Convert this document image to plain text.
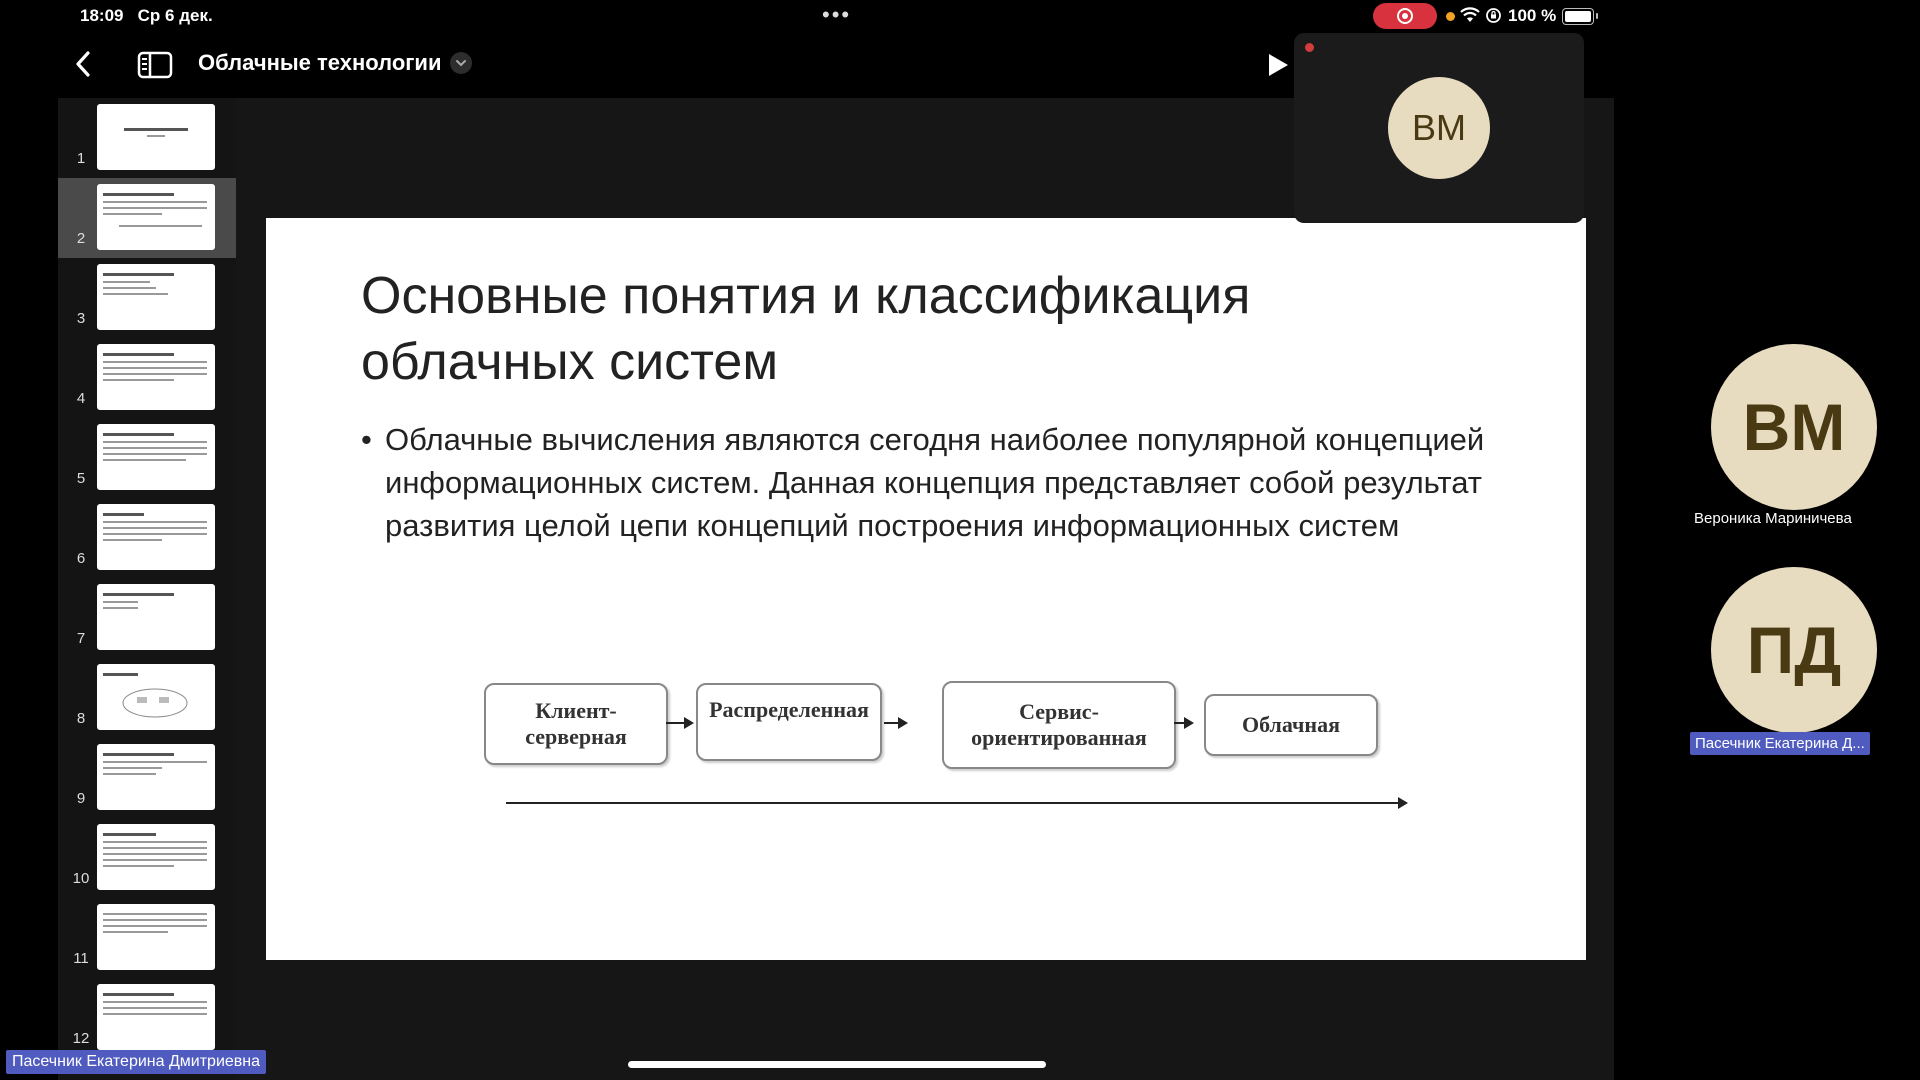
18:09 Ср 6 дек.	•••	100 %
Облачные технологии
1
2
3
4
5
6
7
8
9
10
11
12
Основные понятия и классификация облачных систем
• Облачные вычисления являются сегодня наиболее популярной концепцией информационных систем. Данная концепция представляет собой результат развития целой цепи концепций построения информационных систем
Клиент-серверная
Распределенная	Сервис-ориентированная
Облачная
ВМ
ВМ
Вероника Мариничева
ПД
Пасечник Екатерина Д...
Пасечник Екатерина Дмитриевна
